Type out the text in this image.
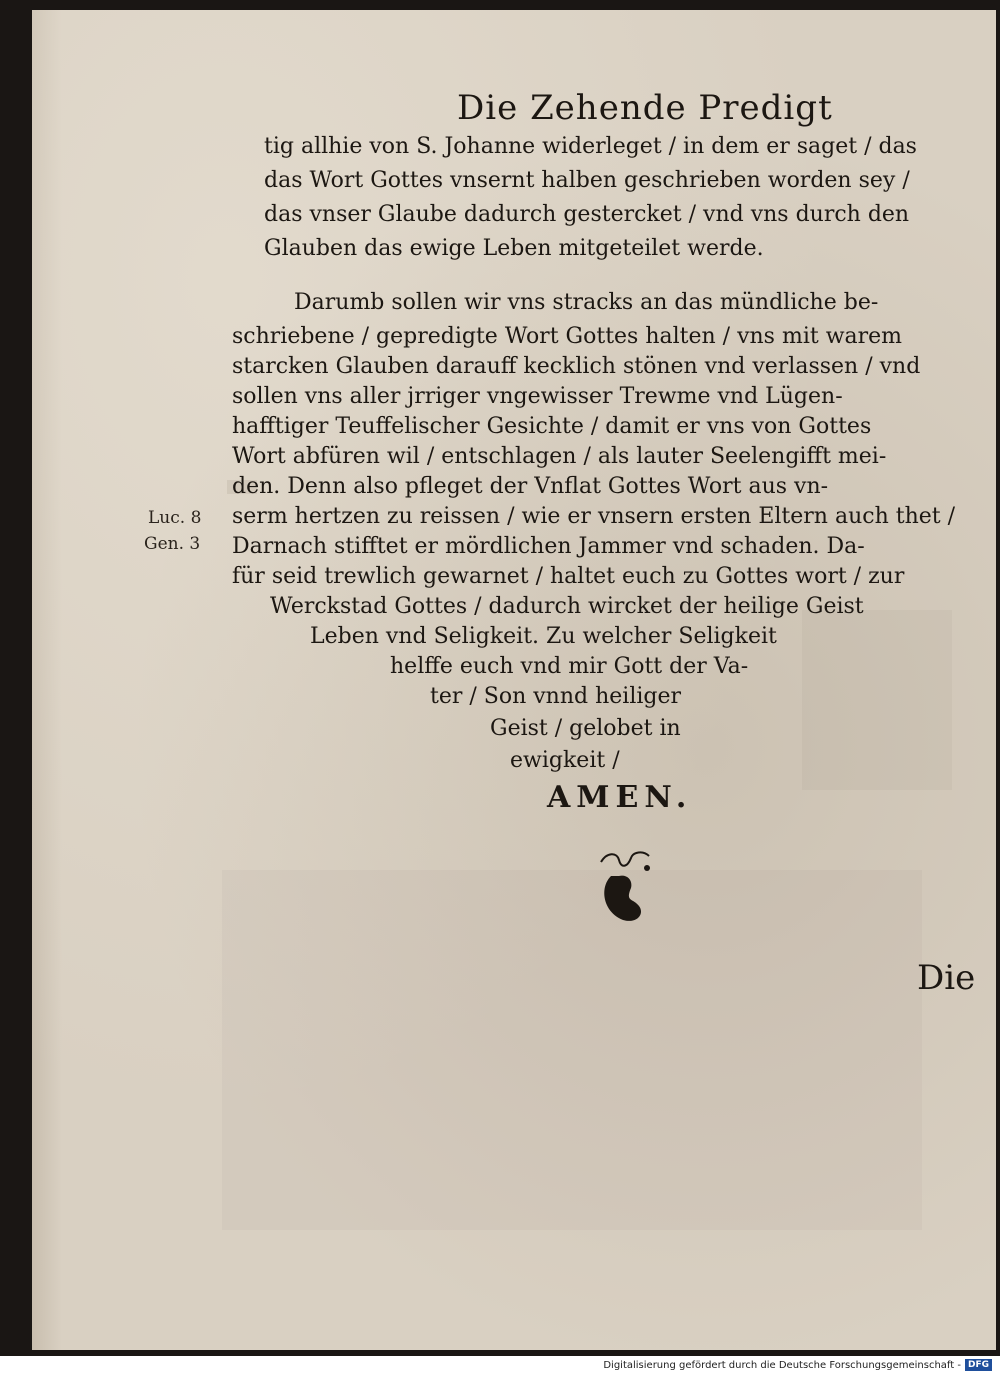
Die Zehende Predigt
tig allhie von S. Johanne widerleget / in dem er saget / das
das Wort Gottes vnsernt halben geschrieben worden sey /
das vnser Glaube dadurch gestercket / vnd vns durch den
Glauben das ewige Leben mitgeteilet werde.
Darumb sollen wir vns stracks an das mündliche be-
schriebene / gepredigte Wort Gottes halten / vns mit warem
starcken Glauben darauff kecklich stönen vnd verlassen / vnd
sollen vns aller jrriger vngewisser Trewme vnd Lügen-
hafftiger Teuffelischer Gesichte / damit er vns von Gottes
Wort abfüren wil / entschlagen / als lauter Seelengifft mei-
den. Denn also pfleget der Vnflat Gottes Wort aus vn-
serm hertzen zu reissen / wie er vnsern ersten Eltern auch thet /
Darnach stifftet er mördlichen Jammer vnd schaden. Da-
für seid trewlich gewarnet / haltet euch zu Gottes wort / zur
Werckstad Gottes / dadurch wircket der heilige Geist
Leben vnd Seligkeit. Zu welcher Seligkeit
helffe euch vnd mir Gott der Va-
ter / Son vnnd heiliger
Geist / gelobet in
ewigkeit /
Luc. 8
Gen. 3
AMEN.
Die
Digitalisierung gefördert durch die Deutsche Forschungsgemeinschaft - DFG
